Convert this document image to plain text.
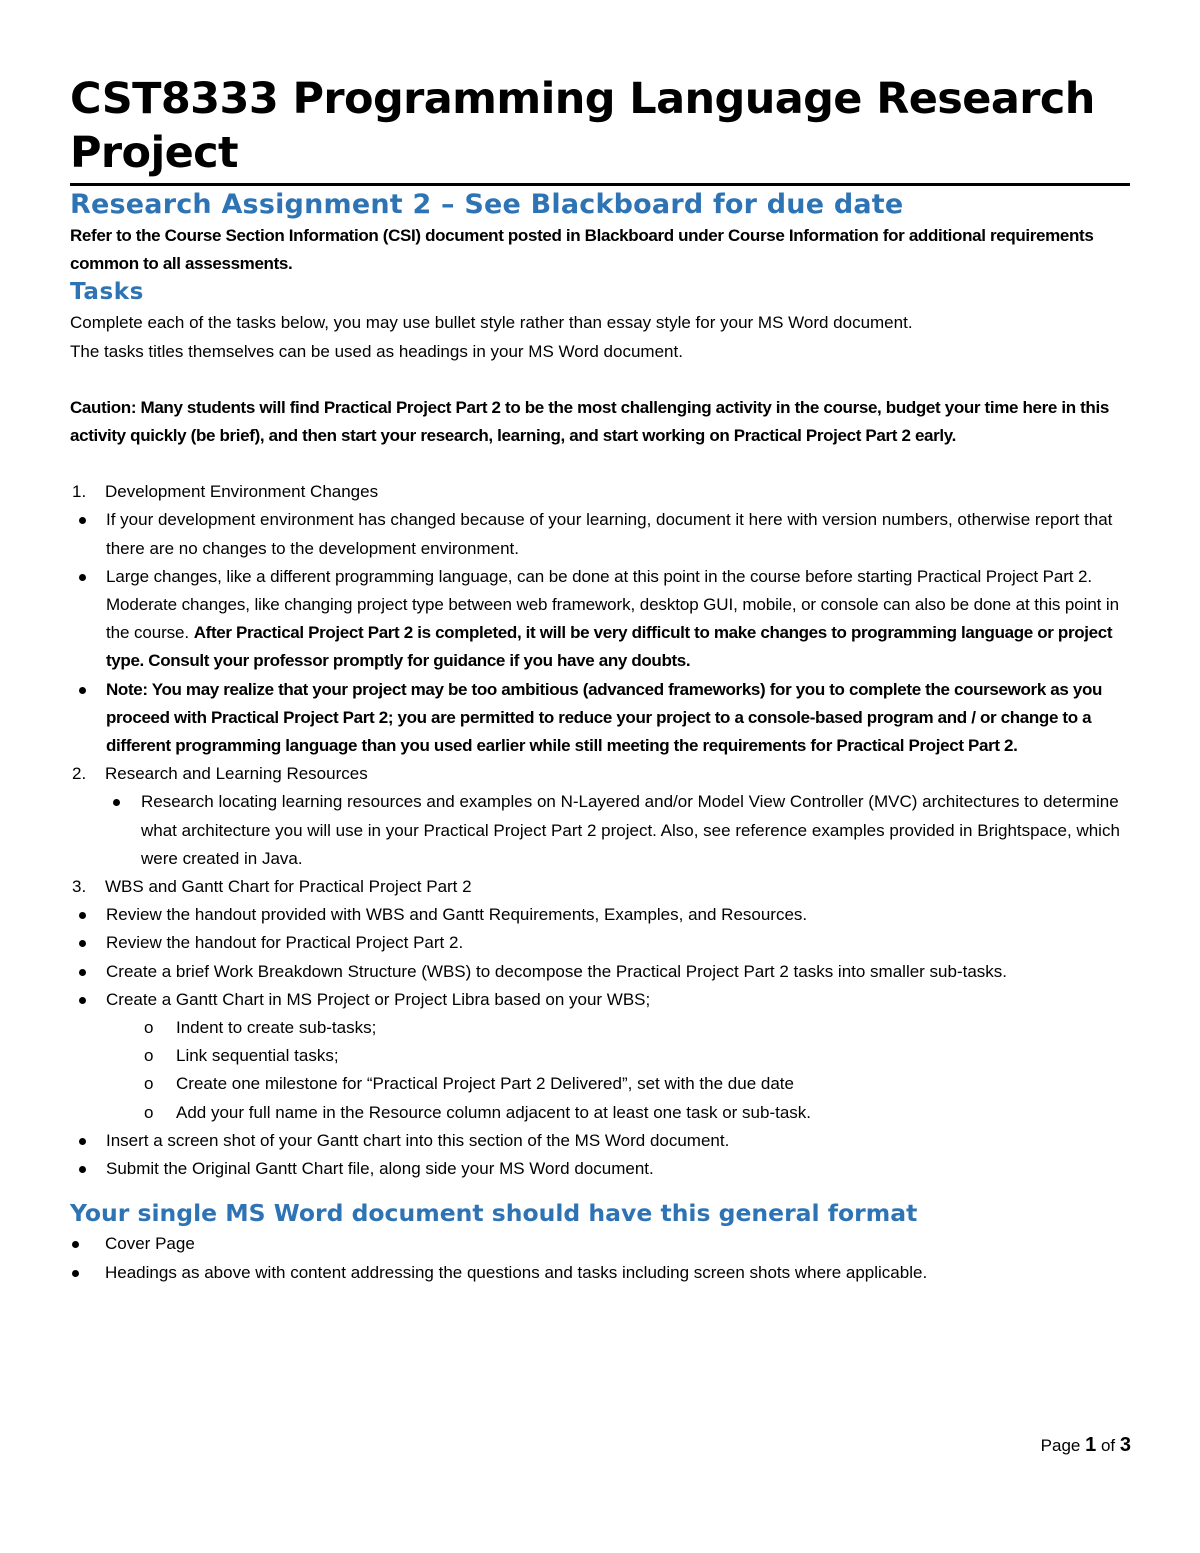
CST8333 Programming Language Research Project
Research Assignment 2 – See Blackboard for due date

Refer to the Course Section Information (CSI) document posted in Blackboard under Course Information for additional requirements common to all assessments.

Tasks

Complete each of the tasks below, you may use bullet style rather than essay style for your MS Word document.

The tasks titles themselves can be used as headings in your MS Word document.

Caution: Many students will find Practical Project Part 2 to be the most challenging activity in the course, budget your time here in this activity quickly (be brief), and then start your research, learning, and start working on Practical Project Part 2 early.

1. Development Environment Changes
If your development environment has changed because of your learning, document it here with version numbers, otherwise report that there are no changes to the development environment.
Large changes, like a different programming language, can be done at this point in the course before starting Practical Project Part 2. Moderate changes, like changing project type between web framework, desktop GUI, mobile, or console can also be done at this point in the course. After Practical Project Part 2 is completed, it will be very difficult to make changes to programming language or project type. Consult your professor promptly for guidance if you have any doubts.
Note: You may realize that your project may be too ambitious (advanced frameworks) for you to complete the coursework as you proceed with Practical Project Part 2; you are permitted to reduce your project to a console-based program and / or change to a different programming language than you used earlier while still meeting the requirements for Practical Project Part 2.
2. Research and Learning Resources
Research locating learning resources and examples on N-Layered and/or Model View Controller (MVC) architectures to determine what architecture you will use in your Practical Project Part 2 project. Also, see reference examples provided in Brightspace, which were created in Java.
3. WBS and Gantt Chart for Practical Project Part 2
Review the handout provided with WBS and Gantt Requirements, Examples, and Resources.
Review the handout for Practical Project Part 2.
Create a brief Work Breakdown Structure (WBS) to decompose the Practical Project Part 2 tasks into smaller sub-tasks.
Create a Gantt Chart in MS Project or Project Libra based on your WBS;
o Indent to create sub-tasks;
o Link sequential tasks;
o Create one milestone for “Practical Project Part 2 Delivered”, set with the due date
o Add your full name in the Resource column adjacent to at least one task or sub-task.
Insert a screen shot of your Gantt chart into this section of the MS Word document.
Submit the Original Gantt Chart file, along side your MS Word document.
Your single MS Word document should have this general format
Cover Page
Headings as above with content addressing the questions and tasks including screen shots where applicable.
Page 1 of 3
